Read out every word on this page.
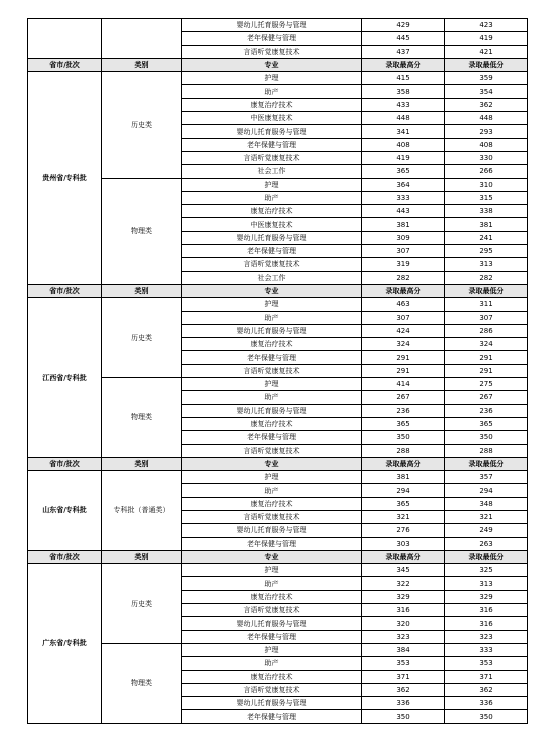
		婴幼儿托育服务与管理	429	423
		老年保健与管理	445	419
		言语听觉康复技术	437	421
省市/批次	类别	专业	录取最高分	录取最低分
贵州省/专科批	历史类	护理	415	359
		助产	358	354
		康复治疗技术	433	362
		中医康复技术	448	448
		婴幼儿托育服务与管理	341	293
		老年保健与管理	408	408
		言语听觉康复技术	419	330
		社会工作	365	266
	物理类	护理	364	310
		助产	333	315
		康复治疗技术	443	338
		中医康复技术	381	381
		婴幼儿托育服务与管理	309	241
		老年保健与管理	307	295
		言语听觉康复技术	319	313
		社会工作	282	282
省市/批次	类别	专业	录取最高分	录取最低分
江西省/专科批	历史类	护理	463	311
		助产	307	307
		婴幼儿托育服务与管理	424	286
		康复治疗技术	324	324
		老年保健与管理	291	291
		言语听觉康复技术	291	291
	物理类	护理	414	275
		助产	267	267
		婴幼儿托育服务与管理	236	236
		康复治疗技术	365	365
		老年保健与管理	350	350
		言语听觉康复技术	288	288
省市/批次	类别	专业	录取最高分	录取最低分
山东省/专科批	专科批（普通类）	护理	381	357
		助产	294	294
		康复治疗技术	365	348
		言语听觉康复技术	321	321
		婴幼儿托育服务与管理	276	249
		老年保健与管理	303	263
省市/批次	类别	专业	录取最高分	录取最低分
广东省/专科批	历史类	护理	345	325
		助产	322	313
		康复治疗技术	329	329
		言语听觉康复技术	316	316
		婴幼儿托育服务与管理	320	316
		老年保健与管理	323	323
	物理类	护理	384	333
		助产	353	353
		康复治疗技术	371	371
		言语听觉康复技术	362	362
		婴幼儿托育服务与管理	336	336
		老年保健与管理	350	350
